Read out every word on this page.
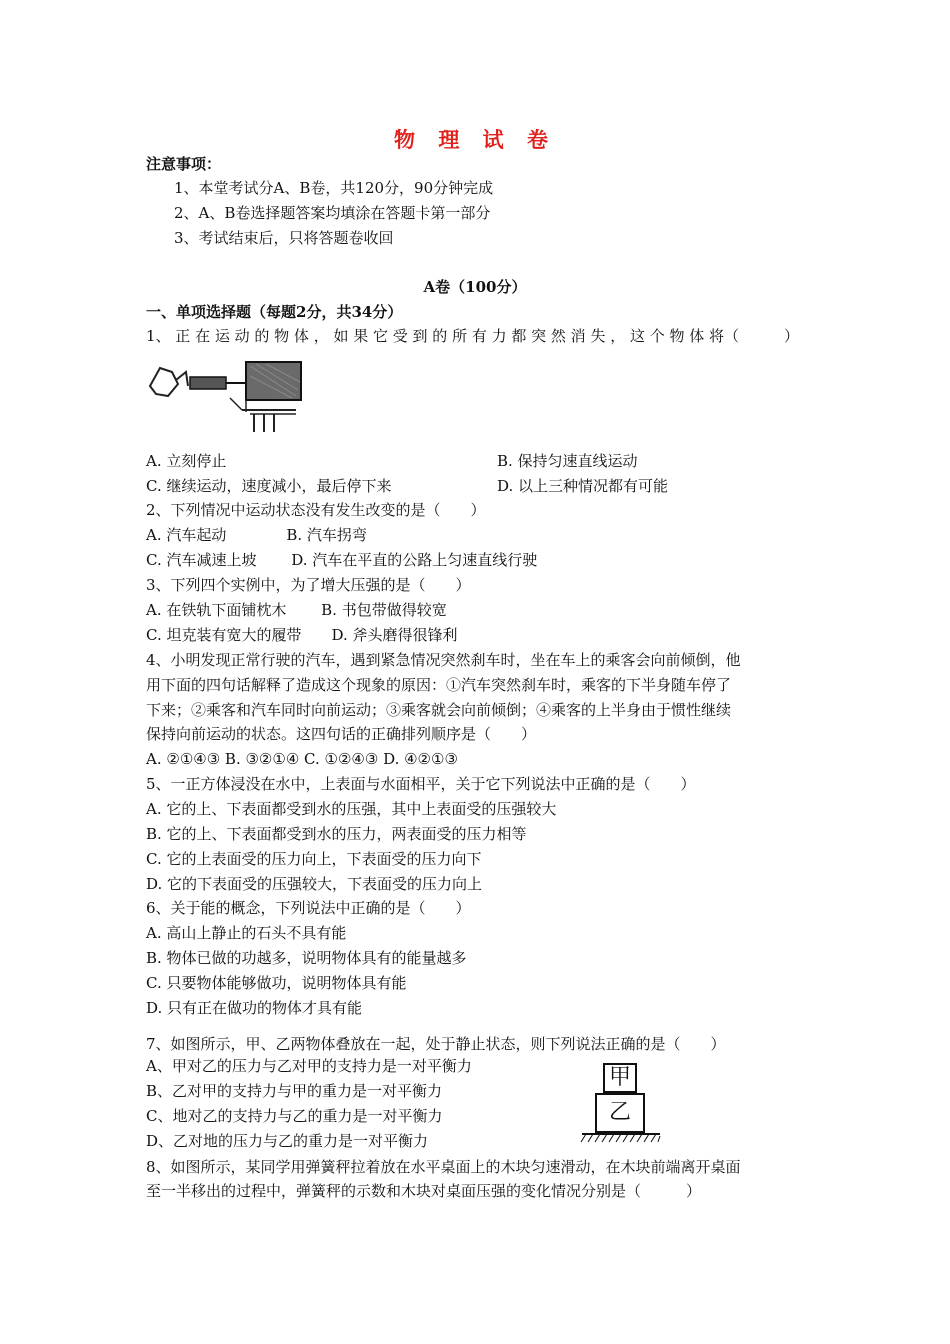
物 理 试 卷
注意事项：
1、本堂考试分A、B卷，共120分，90分钟完成
2、A、B卷选择题答案均填涂在答题卡第一部分
3、考试结束后，只将答题卷收回
A卷（100分）
一、单项选择题（每题2分，共34分）
1、 正 在 运 动 的 物 体 ， 如 果 它 受 到 的 所 有 力 都 突 然 消 失 ， 这 个 物 体 将（　　　）
A. 立刻停止	B. 保持匀速直线运动
C. 继续运动，速度减小，最后停下来	D. 以上三种情况都有可能
2、下列情况中运动状态没有发生改变的是（　　）
A. 汽车起动　　　　B. 汽车拐弯
C. 汽车减速上坡　　 D. 汽车在平直的公路上匀速直线行驶
3、下列四个实例中，为了增大压强的是（　　）
A. 在铁轨下面铺枕木　　 B. 书包带做得较宽
C. 坦克装有宽大的履带　　D. 斧头磨得很锋利
4、小明发现正常行驶的汽车，遇到紧急情况突然刹车时，坐在车上的乘客会向前倾倒，他
用下面的四句话解释了造成这个现象的原因：①汽车突然刹车时，乘客的下半身随车停了
下来；②乘客和汽车同时向前运动；③乘客就会向前倾倒；④乘客的上半身由于惯性继续
保持向前运动的状态。这四句话的正确排列顺序是（　　）
A. ②①④③ B. ③②①④ C. ①②④③ D. ④②①③
5、一正方体浸没在水中，上表面与水面相平，关于它下列说法中正确的是（　　）
A. 它的上、下表面都受到水的压强，其中上表面受的压强较大
B. 它的上、下表面都受到水的压力，两表面受的压力相等
C. 它的上表面受的压力向上，下表面受的压力向下
D. 它的下表面受的压强较大，下表面受的压力向上
6、关于能的概念，下列说法中正确的是（　　）
A. 高山上静止的石头不具有能
B. 物体已做的功越多，说明物体具有的能量越多
C. 只要物体能够做功，说明物体具有能
D. 只有正在做功的物体才具有能
7、如图所示，甲、乙两物体叠放在一起，处于静止状态，则下列说法正确的是（　　）
A、甲对乙的压力与乙对甲的支持力是一对平衡力
B、乙对甲的支持力与甲的重力是一对平衡力
C、地对乙的支持力与乙的重力是一对平衡力
D、乙对地的压力与乙的重力是一对平衡力
甲
乙
8、如图所示，某同学用弹簧秤拉着放在水平桌面上的木块匀速滑动，在木块前端离开桌面
至一半移出的过程中，弹簧秤的示数和木块对桌面压强的变化情况分别是（　　　）
